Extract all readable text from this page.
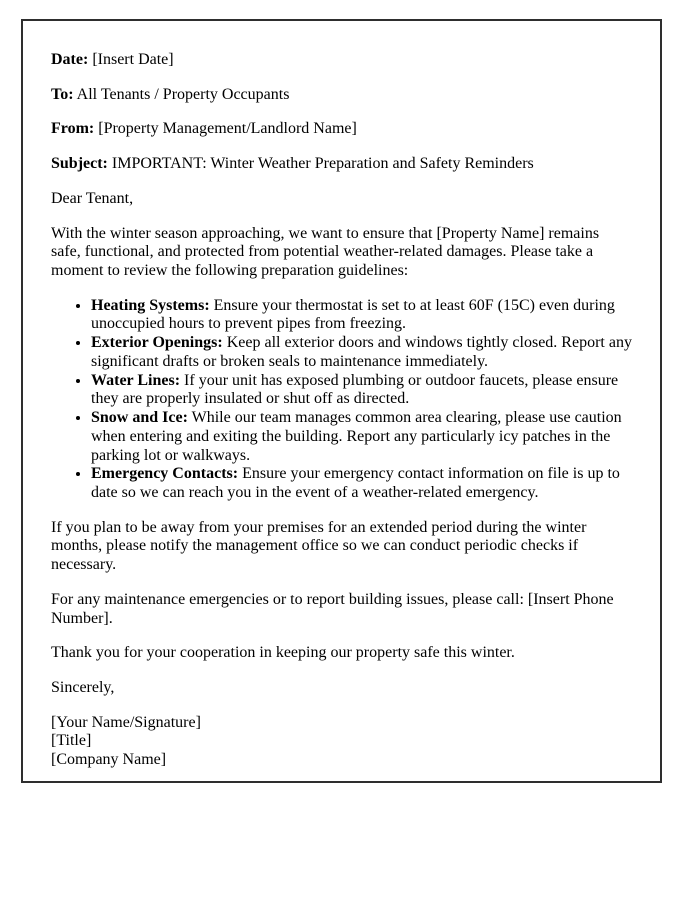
Date: [Insert Date]

To: All Tenants / Property Occupants

From: [Property Management/Landlord Name]

Subject: IMPORTANT: Winter Weather Preparation and Safety Reminders

Dear Tenant,

With the winter season approaching, we want to ensure that [Property Name] remains safe, functional, and protected from potential weather-related damages. Please take a moment to review the following preparation guidelines:

• Heating Systems: Ensure your thermostat is set to at least 60F (15C) even during unoccupied hours to prevent pipes from freezing.
• Exterior Openings: Keep all exterior doors and windows tightly closed. Report any significant drafts or broken seals to maintenance immediately.
• Water Lines: If your unit has exposed plumbing or outdoor faucets, please ensure they are properly insulated or shut off as directed.
• Snow and Ice: While our team manages common area clearing, please use caution when entering and exiting the building. Report any particularly icy patches in the parking lot or walkways.
• Emergency Contacts: Ensure your emergency contact information on file is up to date so we can reach you in the event of a weather-related emergency.

If you plan to be away from your premises for an extended period during the winter months, please notify the management office so we can conduct periodic checks if necessary.

For any maintenance emergencies or to report building issues, please call: [Insert Phone Number].

Thank you for your cooperation in keeping our property safe this winter.

Sincerely,

[Your Name/Signature]
[Title]
[Company Name]
